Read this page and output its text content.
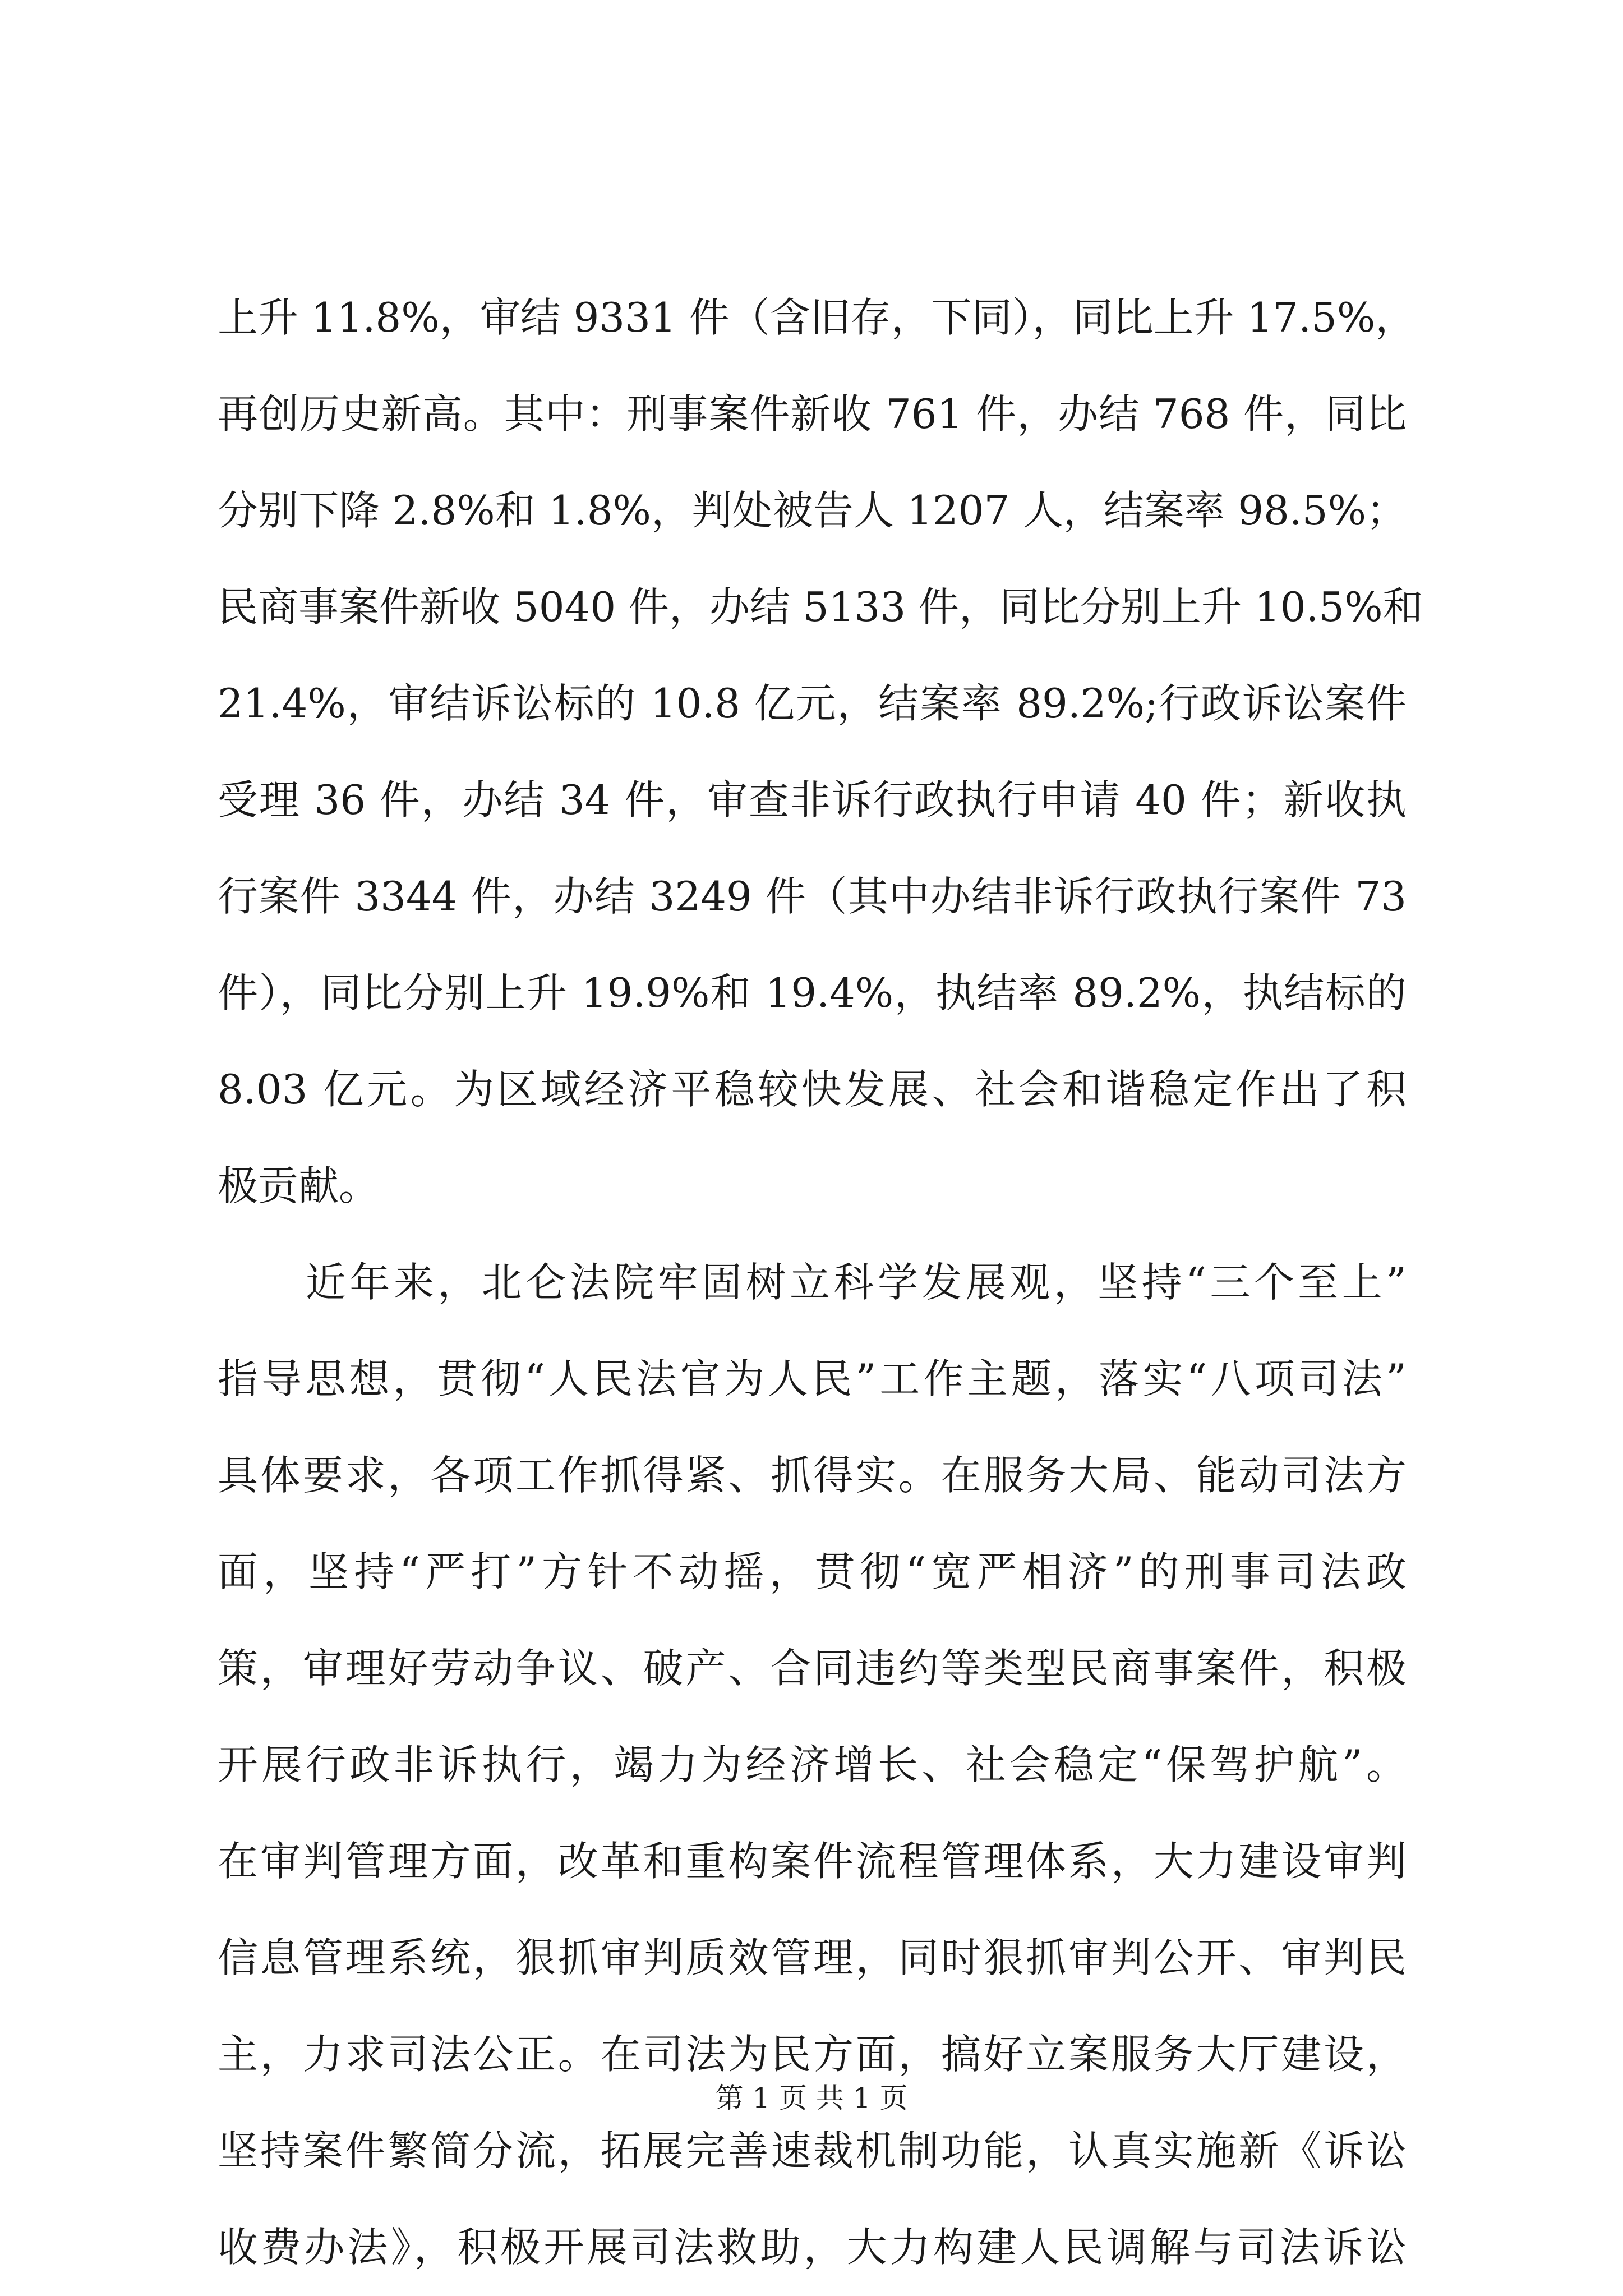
上升 11.8%，审结 9331 件（含旧存，下同），同比上升 17.5%，
再创历史新高。其中：刑事案件新收 761 件，办结 768 件，同比
分别下降 2.8%和 1.8%，判处被告人 1207 人，结案率 98.5%；
民商事案件新收 5040 件，办结 5133 件，同比分别上升 10.5%和
21.4%，审结诉讼标的 10.8 亿元，结案率 89.2%;行政诉讼案件
受理 36 件，办结 34 件，审查非诉行政执行申请 40 件；新收执
行案件 3344 件，办结 3249 件（其中办结非诉行政执行案件 73
件），同比分别上升 19.9%和 19.4%，执结率 89.2%，执结标的
8.03 亿元。为区域经济平稳较快发展、社会和谐稳定作出了积
极贡献。
　　近年来，北仑法院牢固树立科学发展观，坚持“三个至上”
指导思想，贯彻“人民法官为人民”工作主题，落实“八项司法”
具体要求，各项工作抓得紧、抓得实。在服务大局、能动司法方
面，坚持“严打”方针不动摇，贯彻“宽严相济”的刑事司法政
策，审理好劳动争议、破产、合同违约等类型民商事案件，积极
开展行政非诉执行，竭力为经济增长、社会稳定“保驾护航”。
在审判管理方面，改革和重构案件流程管理体系，大力建设审判
信息管理系统，狠抓审判质效管理，同时狠抓审判公开、审判民
主，力求司法公正。在司法为民方面，搞好立案服务大厅建设，
坚持案件繁简分流，拓展完善速裁机制功能，认真实施新《诉讼
收费办法》，积极开展司法救助，大力构建人民调解与司法诉讼
第 1 页 共 1 页
